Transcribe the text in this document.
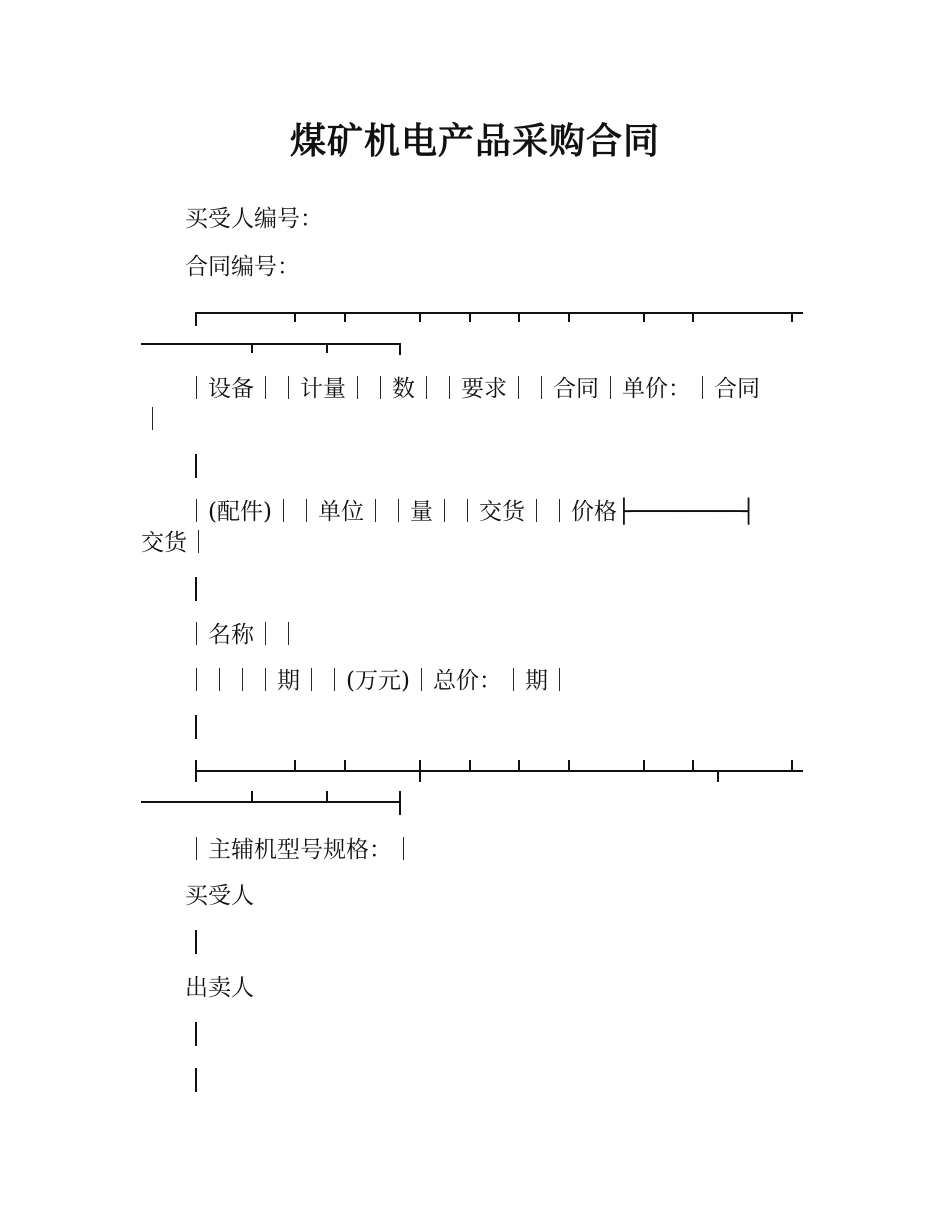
煤矿机电产品采购合同
买受人编号：
合同编号：
｜设备｜｜计量｜｜数｜｜要求｜｜合同｜单价：｜合同
｜
｜(配件)｜｜单位｜｜量｜｜交货｜｜价格├────────┤
交货｜
｜名称｜｜
｜｜｜｜期｜｜(万元)｜总价：｜期｜
｜主辅机型号规格：｜
买受人
出卖人
